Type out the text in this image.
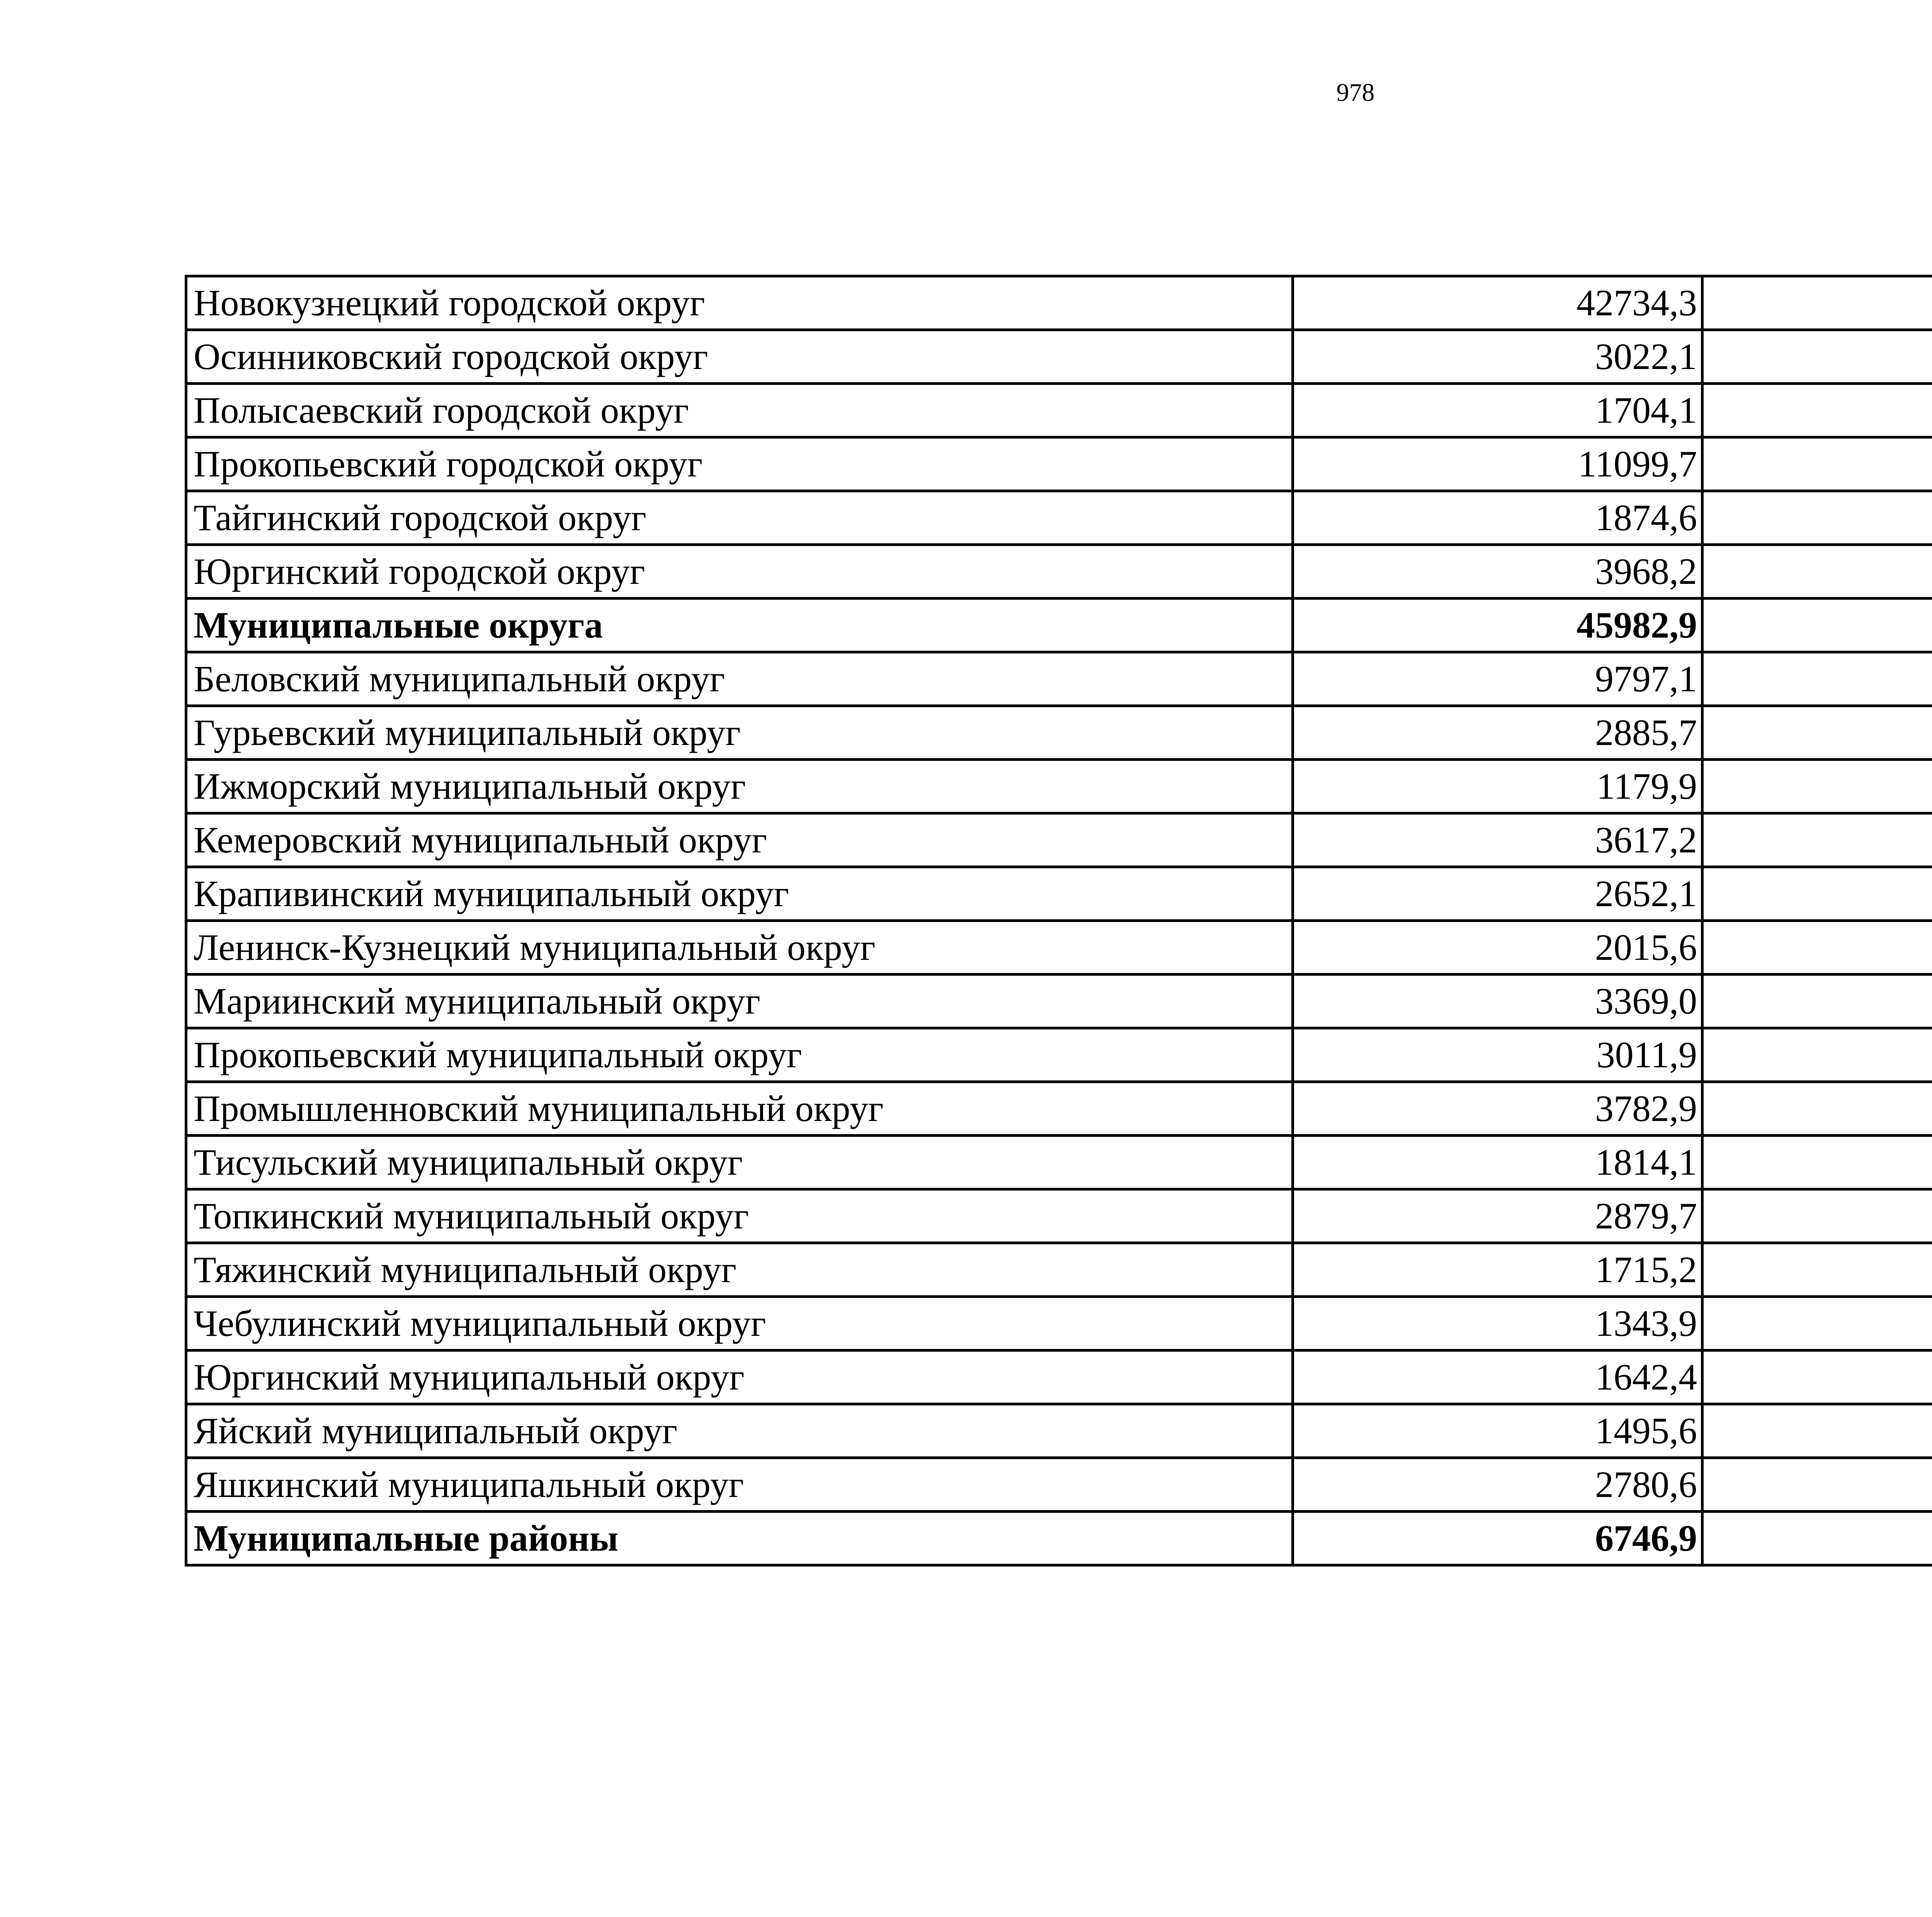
978
Новокузнецкий городской округ	42734,3		
Осинниковский городской округ	3022,1		
Полысаевский городской округ	1704,1		
Прокопьевский городской округ	11099,7		
Тайгинский городской округ	1874,6		
Юргинский городской округ	3968,2		
Муниципальные округа	45982,9		
Беловский муниципальный округ	9797,1		
Гурьевский муниципальный округ	2885,7		
Ижморский муниципальный округ	1179,9		
Кемеровский муниципальный округ	3617,2		
Крапивинский муниципальный округ	2652,1		
Ленинск-Кузнецкий муниципальный округ	2015,6		
Мариинский муниципальный округ	3369,0		
Прокопьевский муниципальный округ	3011,9		
Промышленновский муниципальный округ	3782,9		
Тисульский муниципальный округ	1814,1		
Топкинский муниципальный округ	2879,7		
Тяжинский муниципальный округ	1715,2		
Чебулинский муниципальный округ	1343,9		
Юргинский муниципальный округ	1642,4		
Яйский муниципальный округ	1495,6		
Яшкинский муниципальный округ	2780,6		
Муниципальные районы	6746,9		
